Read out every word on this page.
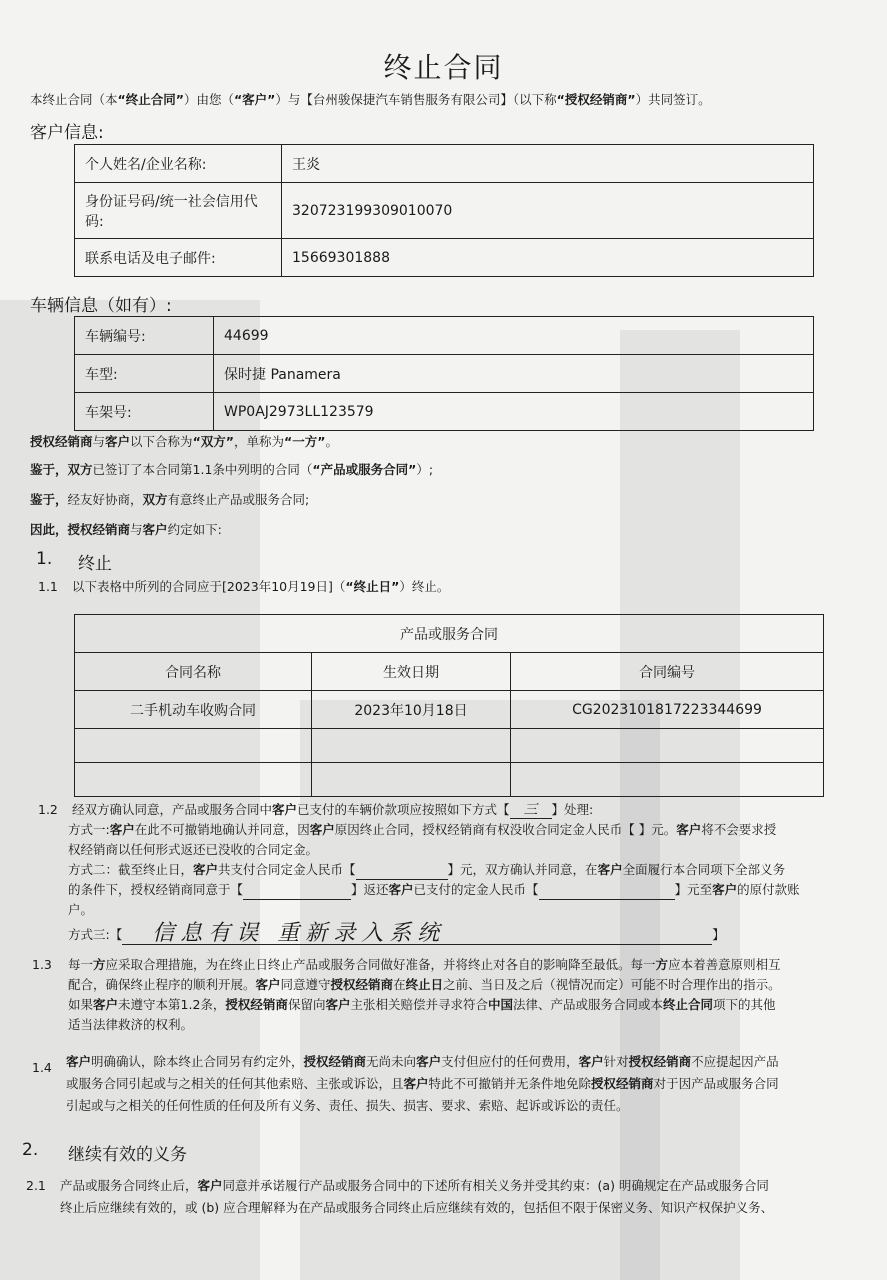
终止合同
本终止合同（本“终止合同”）由您（“客户”）与【台州骏保捷汽车销售服务有限公司】（以下称“授权经销商”）共同签订。
客户信息:
个人姓名/企业名称:	王炎
身份证号码/统一社会信用代码:	320723199309010070
联系电话及电子邮件:	15669301888
车辆信息（如有）:
车辆编号:	44699
车型:	保时捷 Panamera
车架号:	WP0AJ2973LL123579
授权经销商与客户以下合称为“双方”，单称为“一方”。
鉴于，双方已签订了本合同第1.1条中列明的合同（“产品或服务合同”）;
鉴于，经友好协商，双方有意终止产品或服务合同;
因此，授权经销商与客户约定如下:
1. 终止
1.1 以下表格中所列的合同应于[2023年10月19日]（“终止日”）终止。
产品或服务合同		
合同名称	生效日期	合同编号
二手机动车收购合同	2023年10月18日	CG2023101817223344699

1.2 经双方确认同意，产品或服务合同中客户已支付的车辆价款项应按照如下方式【 三 】处理:
方式一:客户在此不可撤销地确认并同意，因客户原因终止合同，授权经销商有权没收合同定金人民币【 】元。客户将不会要求授
权经销商以任何形式返还已没收的合同定金。
方式二：截至终止日，客户共支付合同定金人民币【	】元，双方确认并同意，在客户全面履行本合同项下全部义务
的条件下，授权经销商同意于【	】返还客户已支付的定金人民币【	】元至客户的原付款账
户。
方式三:【 信息有误 重新录入系统	】
1.3 每一方应采取合理措施，为在终止日终止产品或服务合同做好准备，并将终止对各自的影响降至最低。每一方应本着善意原则相互
配合，确保终止程序的顺利开展。客户同意遵守授权经销商在终止日之前、当日及之后（视情况而定）可能不时合理作出的指示。
如果客户未遵守本第1.2条，授权经销商保留向客户主张相关赔偿并寻求符合中国法律、产品或服务合同或本终止合同项下的其他
适当法律救济的权利。
1.4 客户明确确认，除本终止合同另有约定外，授权经销商无尚未向客户支付但应付的任何费用，客户针对授权经销商不应提起因产品
或服务合同引起或与之相关的任何其他索赔、主张或诉讼，且客户特此不可撤销并无条件地免除授权经销商对于因产品或服务合同
引起或与之相关的任何性质的任何及所有义务、责任、损失、损害、要求、索赔、起诉或诉讼的责任。
2. 继续有效的义务
2.1 产品或服务合同终止后，客户同意并承诺履行产品或服务合同中的下述所有相关义务并受其约束：(a) 明确规定在产品或服务合同
终止后应继续有效的，或 (b) 应合理解释为在产品或服务合同终止后应继续有效的，包括但不限于保密义务、知识产权保护义务、
